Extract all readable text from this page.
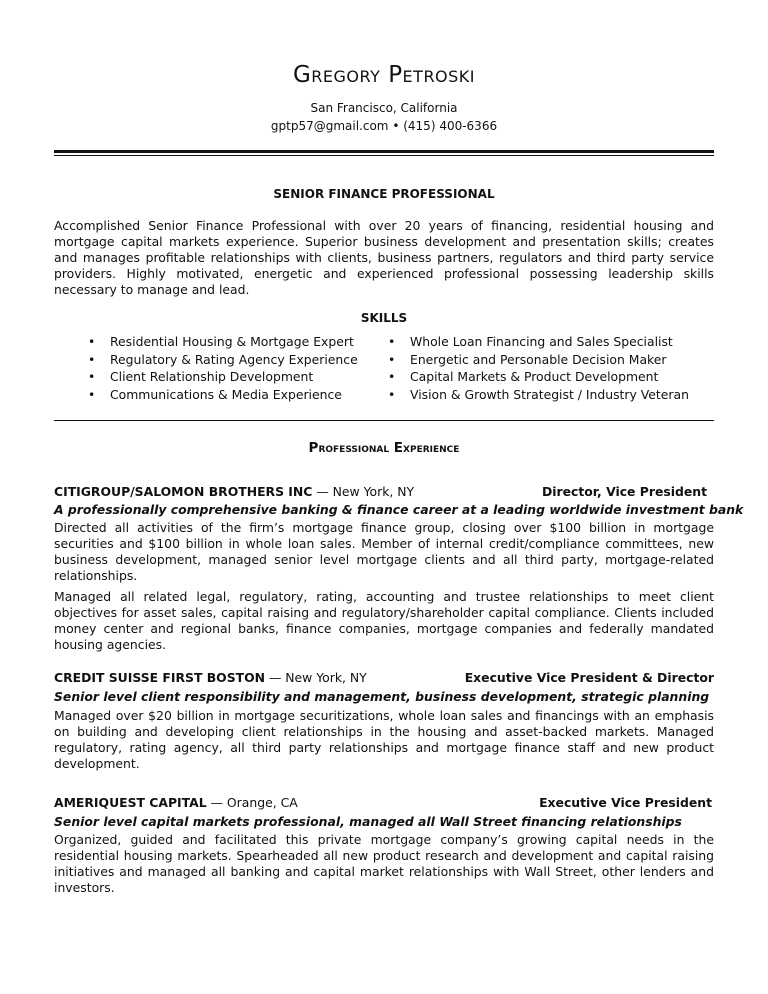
Gregory Petroski
San Francisco, California
gptp57@gmail.com • (415) 400-6366
SENIOR FINANCE PROFESSIONAL

Accomplished Senior Finance Professional with over 20 years of financing, residential housing and mortgage capital markets experience. Superior business development and presentation skills; creates and manages profitable relationships with clients, business partners, regulators and third party service providers. Highly motivated, energetic and experienced professional possessing leadership skills necessary to manage and lead.

SKILLS
• Residential Housing & Mortgage Expert
• Regulatory & Rating Agency Experience
• Client Relationship Development
• Communications & Media Experience
• Whole Loan Financing and Sales Specialist
• Energetic and Personable Decision Maker
• Capital Markets & Product Development
• Vision & Growth Strategist / Industry Veteran
Professional Experience
CITIGROUP/SALOMON BROTHERS INC — New York, NY	Director, Vice President
A professionally comprehensive banking & finance career at a leading worldwide investment bank

Directed all activities of the firm’s mortgage finance group, closing over $100 billion in mortgage securities and $100 billion in whole loan sales. Member of internal credit/compliance committees, new business development, managed senior level mortgage clients and all third party, mortgage-related relationships.

Managed all related legal, regulatory, rating, accounting and trustee relationships to meet client objectives for asset sales, capital raising and regulatory/shareholder capital compliance. Clients included money center and regional banks, finance companies, mortgage companies and federally mandated housing agencies.

CREDIT SUISSE FIRST BOSTON — New York, NY	Executive Vice President & Director
Senior level client responsibility and management, business development, strategic planning

Managed over $20 billion in mortgage securitizations, whole loan sales and financings with an emphasis on building and developing client relationships in the housing and asset-backed markets. Managed regulatory, rating agency, all third party relationships and mortgage finance staff and new product development.

AMERIQUEST CAPITAL — Orange, CA	Executive Vice President
Senior level capital markets professional, managed all Wall Street financing relationships

Organized, guided and facilitated this private mortgage company’s growing capital needs in the residential housing markets. Spearheaded all new product research and development and capital raising initiatives and managed all banking and capital market relationships with Wall Street, other lenders and investors.
